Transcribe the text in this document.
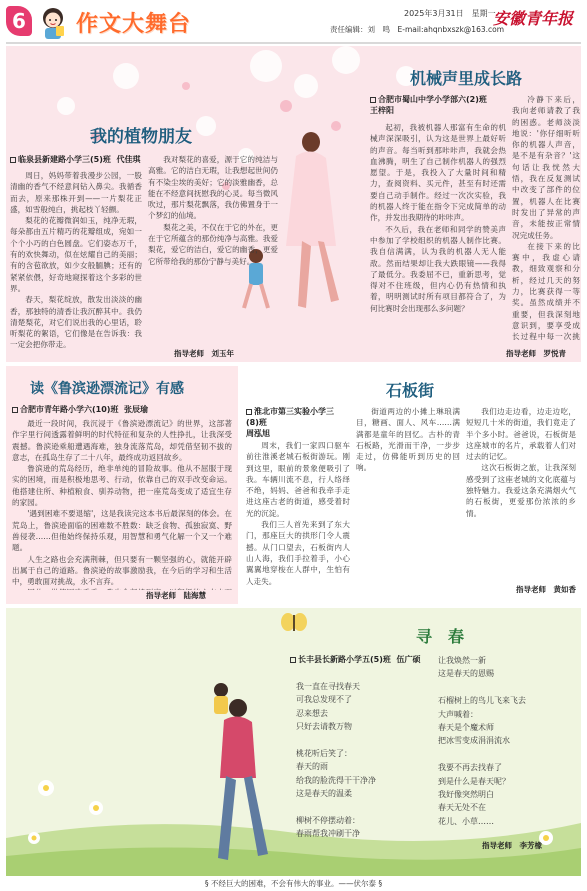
6 作文大舞台	2025年3月31日　星期一
责任编辑：刘　鸣　E-mail:ahqnbxszk@163.com
安徽青年报
我的植物朋友
临泉县新建路小学三(5)班 代佳琪

周日，妈妈带着我漫步公园，一股清幽的香气不经意间钻入鼻尖。我循香而去，原来那株开到——一片梨花正盛，如雪般纯白，挑起枝丫轻颤。

梨花的花瓣微润如玉，纯净无瑕，每朵都由五片精巧的花瓣组成，宛如一个个小巧的白色圆盘。它们姿态万千，有的欢快舞动，似在炫耀自己的美丽；有的含苞欲放，如少女般腼腆；还有的紧紧依偎，好奇地窥探着这个多彩的世界。

春天，梨花绽放，散发出淡淡的幽香，那独特的清香让我沉醉其中。我仍清楚梨花，对它们说出我的心里话，聆听梨花的絮语，它们像是在告诉我：我一定会把你带走。

我对梨花的喜爱，源于它的纯洁与高雅。它的洁白无瑕，让我想起世间仍有不染尘埃的美好；它的淡雅幽香，总能在不经意间抚慰我的心灵。每当微风吹过，那片梨花飘落，我仿佛置身于一个梦幻的仙境。

梨花之美，不仅在于它的外在，更在于它所蕴含的那份纯净与高雅。我爱梨花，爱它的洁白，爱它的幽香，更爱它所带给我的那份宁静与美好。

指导老师　刘玉年
机械声里成长路
合肥市蜀山中学小学部六(2)班
王梓阳

起初，我被机器人那富有生命的机械声深深吸引，认为这是世界上最好听的声音。每当听到那咔咔声，我就会热血沸腾，明生了自己制作机器人的强烈愿望。于是，我投入了大量时间和精力，查阅资料、买元件，甚至有时还需要自己动手制作。经过一次次实验，我的机器人终于能在指令下完成简单的动作，并发出我期待的咔咔声。

不久后，我在老师和同学的赞美声中参加了学校组织的机器人制作比赛。我自信满满，认为我的机器人无人能敌。然而结果却让我大跌眼镜——我得了最低分。我委屈不已，重新思考，觉得对不住班级，但内心仍有热情和执着，明明测试时所有项目都符合了，为何比赛时会出现那么多问题？

冷静下来后，我向老师请教了我的困惑。老师淡淡地说：'你仔细听听你的机器人声音，是不是有杂音？'这句话让我恍然大悟，我在反复测试中改变了部件的位置，机器人在比赛时发出了异常的声音，未能按正常情况完成任务。

在接下来的比赛中，我虚心请教，细致观察和分析，经过几天的努力，比赛获得一等奖。虽然成绩并不重要，但我深刻地意识到，要享受成长过程中每一次挑

指导老师　罗悦青
读《鲁滨逊漂流记》有感
合肥市青年路小学六(10)班 张辰瑜

最近一段时间，我沉浸于《鲁滨逊漂流记》的世界，这部著作字里行间透露着鲜明的时代特征和复杂的人性挣扎，让我深受震撼。鲁滨逊乘船遭遇海难，独身流落荒岛，却凭借坚韧不拔的意志，在孤岛生存了二十八年，最终成功返回故乡。

鲁滨逊的荒岛经历，绝非单纯的冒险故事。他从不屈服于现实的困境，而是积极地思考、行动，依靠自己的双手改变命运。他搭建住所、种植粮食、驯养动物，把一座荒岛变成了适宜生存的家园。

'遇到困难不要退缩'，这是我读完这本书后最深刻的体会。在荒岛上，鲁滨逊面临的困难数不胜数：缺乏食物、孤独寂寞、野兽侵袭……但他始终保持乐观，用智慧和勇气化解一个又一个难题。

人生之路也会充满荆棘，但只要有一颗坚强的心，就能开辟出属于自己的道路。鲁滨逊的故事激励我，在今后的学习和生活中，勇敢面对挑战，永不言弃。

指导老师　陆海慧
石板街
淮北市第三实验小学三(8)班
周泓旭

周末，我们一家四口驱车前往淮溪老城石板街游玩。刚到这里，眼前的景象便吸引了我。车辆川流不息，行人络绎不绝，妈妈、爸爸和我牵手走进这座古老的街道，感受着时光的沉淀。

我们三人首先来到了东大门，那座巨大的拱形门令人震撼。从门口望去，石板街内人山人海，我们手拉着手，小心翼翼地穿梭在人群中，生怕有人走失。

街道两边的小摊上琳琅满目，糖画、面人、风车……满满都是童年的回忆。古朴的青石板路，光滑而干净，一步步走过，仿佛能听到历史的回响。

我们边走边看，边走边吃，短短几十米的街道，我们竟走了半个多小时。爸爸说，石板街是这座城市的名片，承载着人们对过去的记忆。

这次石板街之旅，让我深刻感受到了这座老城的文化底蕴与独特魅力。我爱这条充满烟火气的石板街，更爱那份浓浓的乡情。

指导老师　黄如香
寻　春
长丰县长新路小学五(5)班 伍广硕
我一直在寻找春天
可我总发现不了
忍来想去
只好去请教万物

桃花听后笑了：
春天的雨
给我的脸洗得干干净净
这是春天的温柔

柳树不停摆动着：
春雨帮我冲刷干净
让我焕然一新
这是春天的恩赐

石榴树上的鸟儿飞来飞去
大声喊着：
春天是个魔术师
把冰雪变成涓涓流水

我要不再去找春了
到是什么是春天呢？
我好像突然明白
春天无处不在
花儿、小草……
指导老师　李芳橡
§ 不经巨大的困难，不会有伟大的事业。——伏尔泰 §
